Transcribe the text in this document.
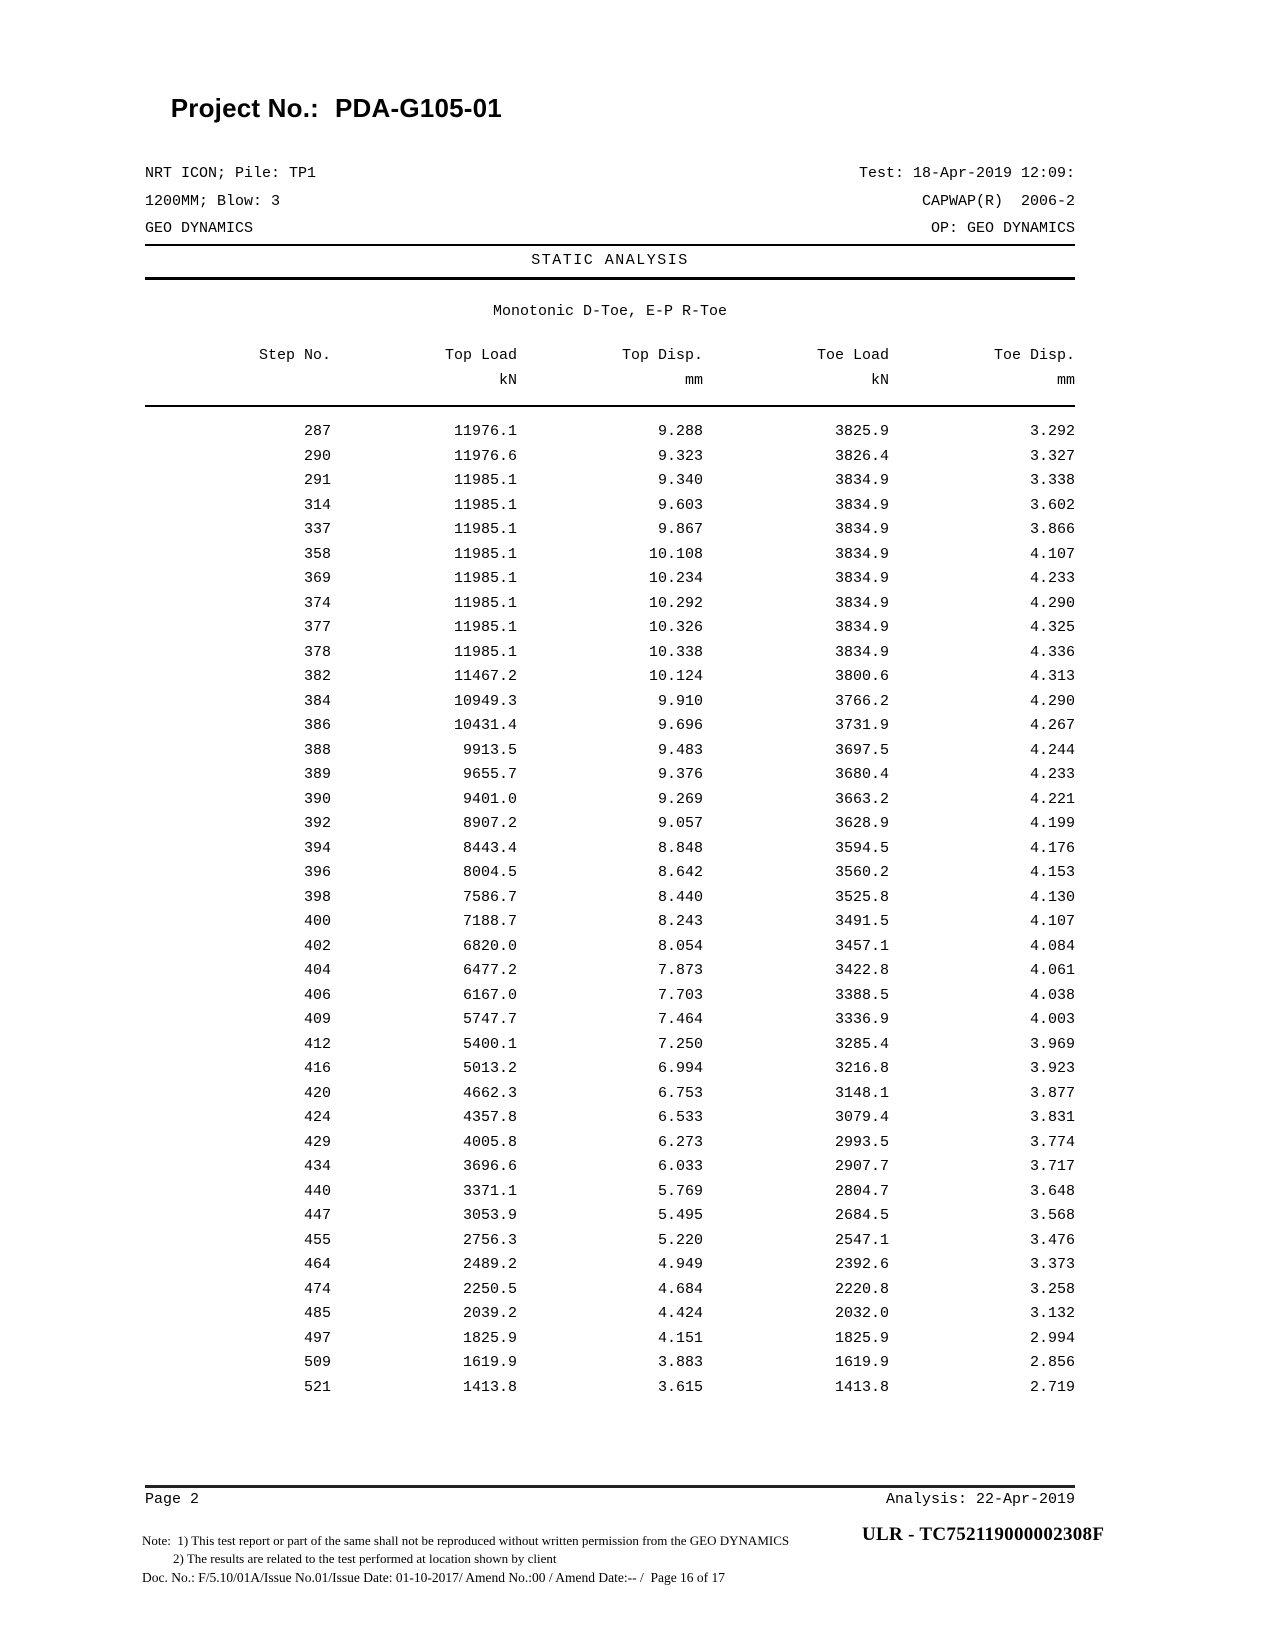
Project No.: PDA-G105-01

NRT ICON; Pile: TP1	Test: 18-Apr-2019 12:09:
1200MM; Blow: 3	CAPWAP(R)  2006-2
GEO DYNAMICS	OP: GEO DYNAMICS
STATIC ANALYSIS
Monotonic D-Toe, E-P R-Toe
Step No.	Top Load	Top Disp.	Toe Load	Toe Disp.
	kN	mm	kN	mm
287	11976.1	9.288	3825.9	3.292
290	11976.6	9.323	3826.4	3.327
291	11985.1	9.340	3834.9	3.338
314	11985.1	9.603	3834.9	3.602
337	11985.1	9.867	3834.9	3.866
358	11985.1	10.108	3834.9	4.107
369	11985.1	10.234	3834.9	4.233
374	11985.1	10.292	3834.9	4.290
377	11985.1	10.326	3834.9	4.325
378	11985.1	10.338	3834.9	4.336
382	11467.2	10.124	3800.6	4.313
384	10949.3	9.910	3766.2	4.290
386	10431.4	9.696	3731.9	4.267
388	9913.5	9.483	3697.5	4.244
389	9655.7	9.376	3680.4	4.233
390	9401.0	9.269	3663.2	4.221
392	8907.2	9.057	3628.9	4.199
394	8443.4	8.848	3594.5	4.176
396	8004.5	8.642	3560.2	4.153
398	7586.7	8.440	3525.8	4.130
400	7188.7	8.243	3491.5	4.107
402	6820.0	8.054	3457.1	4.084
404	6477.2	7.873	3422.8	4.061
406	6167.0	7.703	3388.5	4.038
409	5747.7	7.464	3336.9	4.003
412	5400.1	7.250	3285.4	3.969
416	5013.2	6.994	3216.8	3.923
420	4662.3	6.753	3148.1	3.877
424	4357.8	6.533	3079.4	3.831
429	4005.8	6.273	2993.5	3.774
434	3696.6	6.033	2907.7	3.717
440	3371.1	5.769	2804.7	3.648
447	3053.9	5.495	2684.5	3.568
455	2756.3	5.220	2547.1	3.476
464	2489.2	4.949	2392.6	3.373
474	2250.5	4.684	2220.8	3.258
485	2039.2	4.424	2032.0	3.132
497	1825.9	4.151	1825.9	2.994
509	1619.9	3.883	1619.9	2.856
521	1413.8	3.615	1413.8	2.719
Page 2	Analysis: 22-Apr-2019
Note:  1) This test report or part of the same shall not be reproduced without written permission from the GEO DYNAMICS
2) The results are related to the test performed at location shown by client
Doc. No.: F/5.10/01A/Issue No.01/Issue Date: 01-10-2017/ Amend No.:00 / Amend Date:-- /  Page 16 of 17
ULR - TC752119000002308F
